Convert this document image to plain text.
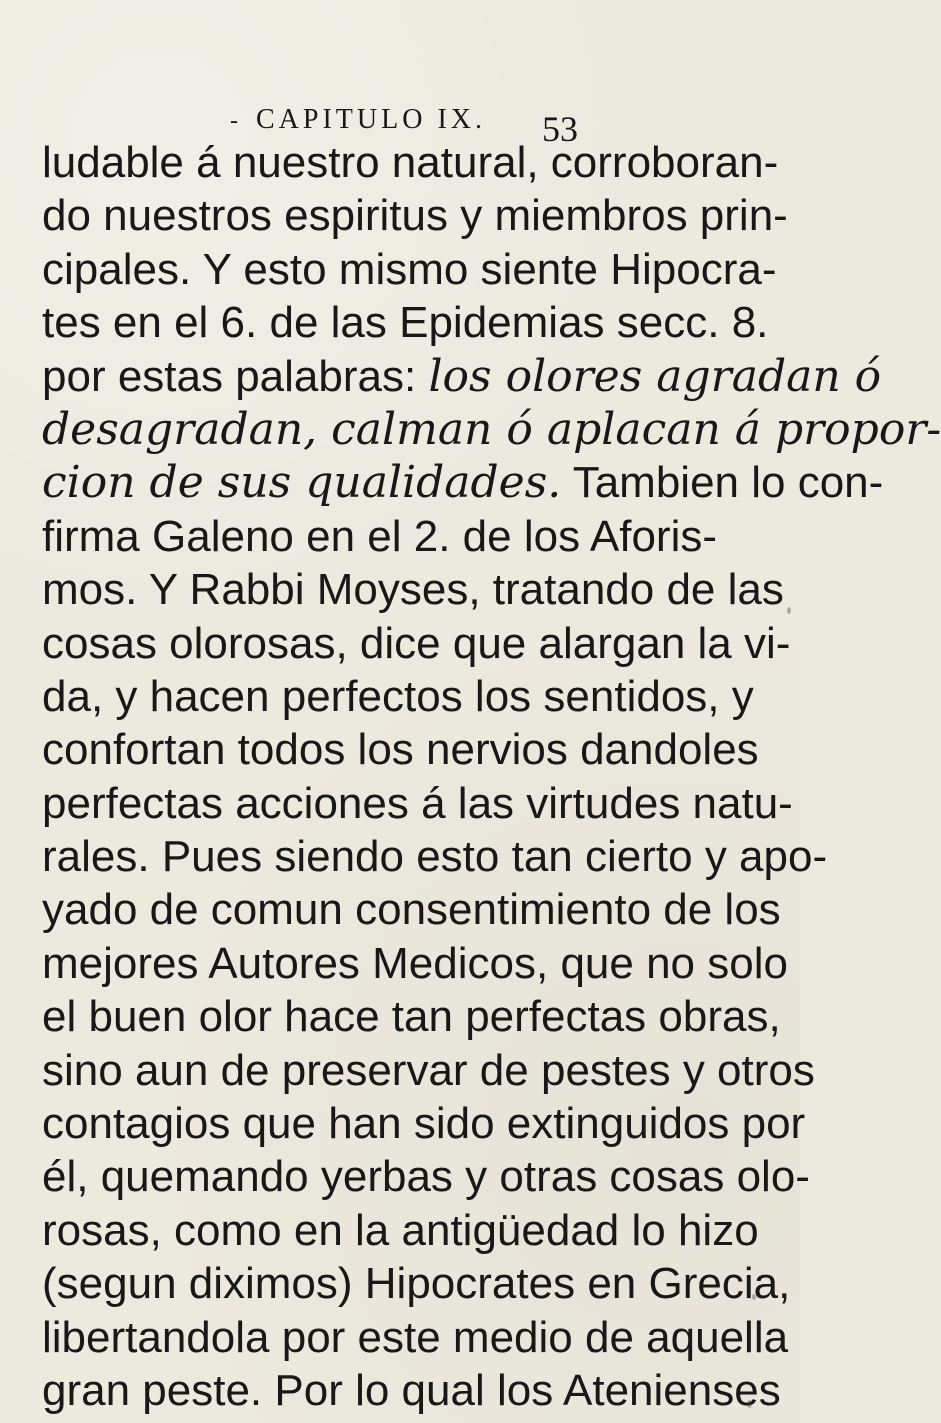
- CAPITULO IX. 53
ludable á nuestro natural, corroboran-
do nuestros espiritus y miembros prin-
cipales. Y esto mismo siente Hipocra-
tes en el 6. de las Epidemias secc. 8.
por estas palabras: los olores agradan ó
desagradan, calman ó aplacan á propor-
cion de sus qualidades. Tambien lo con-
firma Galeno en el 2. de los Aforis-
mos. Y Rabbi Moyses, tratando de las
cosas olorosas, dice que alargan la vi-
da, y hacen perfectos los sentidos, y
confortan todos los nervios dandoles
perfectas acciones á las virtudes natu-
rales. Pues siendo esto tan cierto y apo-
yado de comun consentimiento de los
mejores Autores Medicos, que no solo
el buen olor hace tan perfectas obras,
sino aun de preservar de pestes y otros
contagios que han sido extinguidos por
él, quemando yerbas y otras cosas olo-
rosas, como en la antigüedad lo hizo
(segun diximos) Hipocrates en Grecia,
libertandola por este medio de aquella
gran peste. Por lo qual los Atenienses
